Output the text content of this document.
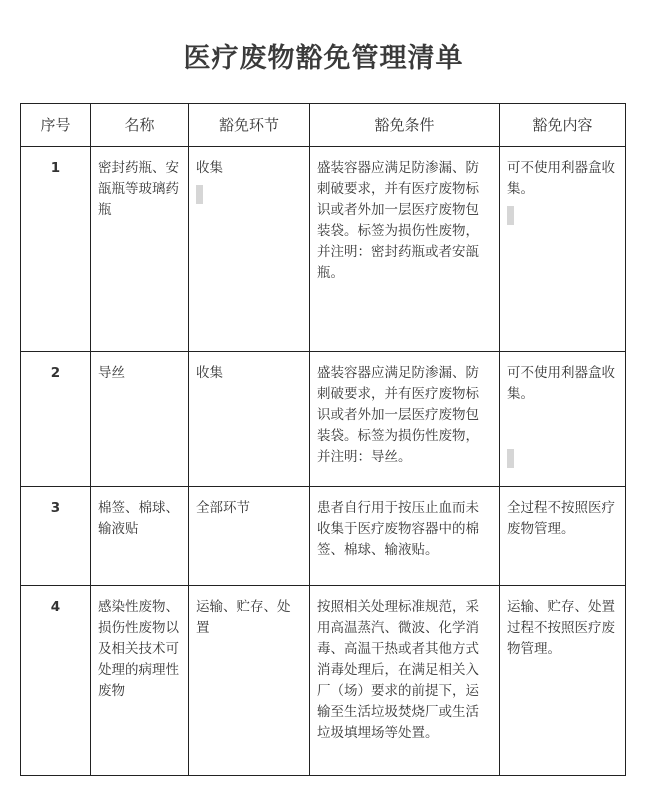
医疗废物豁免管理清单
序号	名称	豁免环节	豁免条件	豁免内容
1	密封药瓶、安瓿瓶等玻璃药瓶	收集	盛装容器应满足防渗漏、防刺破要求，并有医疗废物标识或者外加一层医疗废物包装袋。标签为损伤性废物，并注明：密封药瓶或者安瓿瓶。	可不使用利器盒收集。

2	导丝	收集	盛装容器应满足防渗漏、防刺破要求，并有医疗废物标识或者外加一层医疗废物包装袋。标签为损伤性废物，并注明：导丝。	可不使用利器盒收集。

3	棉签、棉球、输液贴	全部环节	患者自行用于按压止血而未收集于医疗废物容器中的棉签、棉球、输液贴。	全过程不按照医疗废物管理。
4	感染性废物、损伤性废物以及相关技术可处理的病理性废物	运输、贮存、处置	按照相关处理标准规范，采用高温蒸汽、微波、化学消毒、高温干热或者其他方式消毒处理后，在满足相关入厂（场）要求的前提下，运输至生活垃圾焚烧厂或生活垃圾填埋场等处置。	运输、贮存、处置过程不按照医疗废物管理。
